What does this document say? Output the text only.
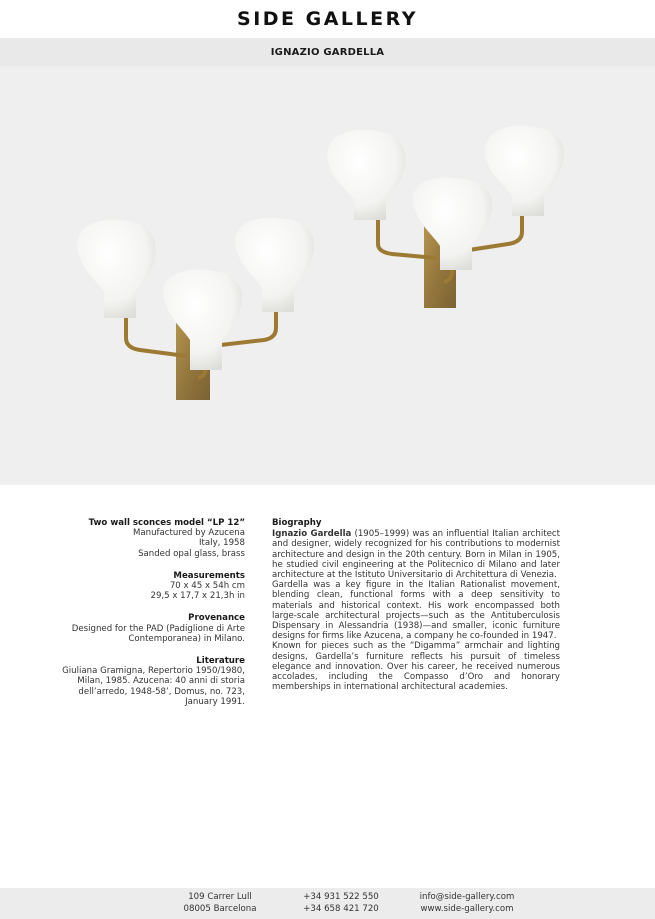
SIDE GALLERY
IGNAZIO GARDELLA
Two wall sconces model “LP 12”
Manufactured by Azucena
Italy, 1958
Sanded opal glass, brass
Measurements
70 x 45 x 54h cm
29,5 x 17,7 x 21,3h in
Provenance
Designed for the PAD (Padiglione di Arte
Contemporanea) in Milano.
Literature
Giuliana Gramigna, Repertorio 1950/1980,
Milan, 1985. Azucena: 40 anni di storia
dell’arredo, 1948-58’, Domus, no. 723,
January 1991.
Biography

Ignazio Gardella (1905–1999) was an influential Italian architect and designer, widely recognized for his contributions to modernist architecture and design in the 20th century. Born in Milan in 1905, he studied civil engineering at the Politecnico di Milano and later architecture at the Istituto Universitario di Architettura di Venezia.

Gardella was a key figure in the Italian Rationalist movement, blending clean, functional forms with a deep sensitivity to materials and historical context. His work encompassed both large-scale architectural projects—such as the Antituberculosis Dispensary in Alessandria (1938)—and smaller, iconic furniture designs for firms like Azucena, a company he co-founded in 1947.

Known for pieces such as the “Digamma” armchair and lighting designs, Gardella’s furniture reflects his pursuit of timeless elegance and innovation. Over his career, he received numerous accolades, including the Compasso d’Oro and honorary memberships in international architectural academies.

109 Carrer Lull
08005 Barcelona
+34 931 522 550
+34 658 421 720
info@side-gallery.com
www.side-gallery.com
